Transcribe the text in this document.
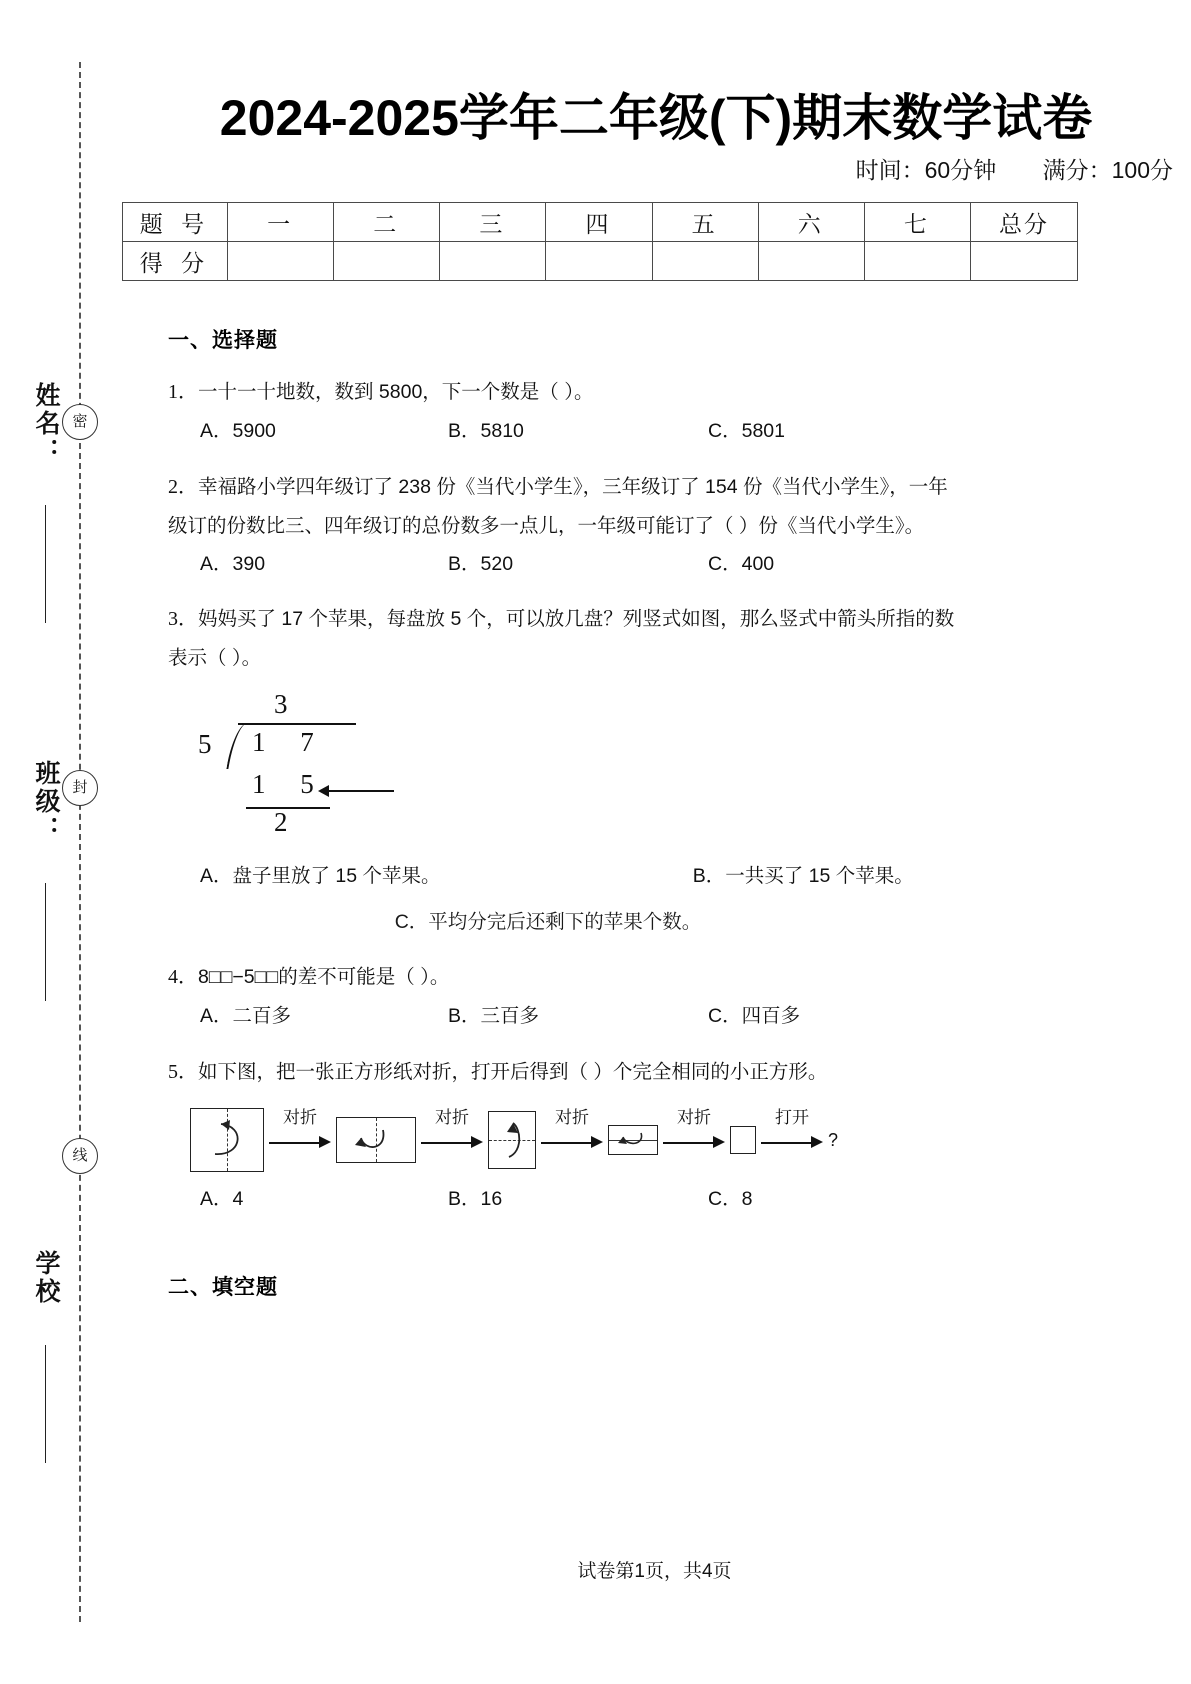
密
封
线
姓名：
班级：
学校
2024-2025学年二年级(下)期末数学试卷
时间：60分钟 满分：100分
题 号	一	二	三	四	五	六	七	总分
得 分								
一、选择题
1．一十一十地数，数到 5800，下一个数是（ ）。
A．5900	B．5810	C．5801
2．幸福路小学四年级订了 238 份《当代小学生》，三年级订了 154 份《当代小学生》，一年
级订的份数比三、四年级订的总份数多一点儿，一年级可能订了（ ）份《当代小学生》。
A．390	B．520	C．400
3．妈妈买了 17 个苹果，每盘放 5 个，可以放几盘？列竖式如图，那么竖式中箭头所指的数
表示（ ）。
3
5 1 7
1 5
2
A．盘子里放了 15 个苹果。	B．一共买了 15 个苹果。
C．平均分完后还剩下的苹果个数。
4．8□□−5□□的差不可能是（ ）。
A．二百多	B．三百多	C．四百多
5．如下图，把一张正方形纸对折，打开后得到（ ）个完全相同的小正方形。
对折	对折	对折	对折	打开
?
A．4	B．16	C．8
二、填空题
试卷第1页，共4页
